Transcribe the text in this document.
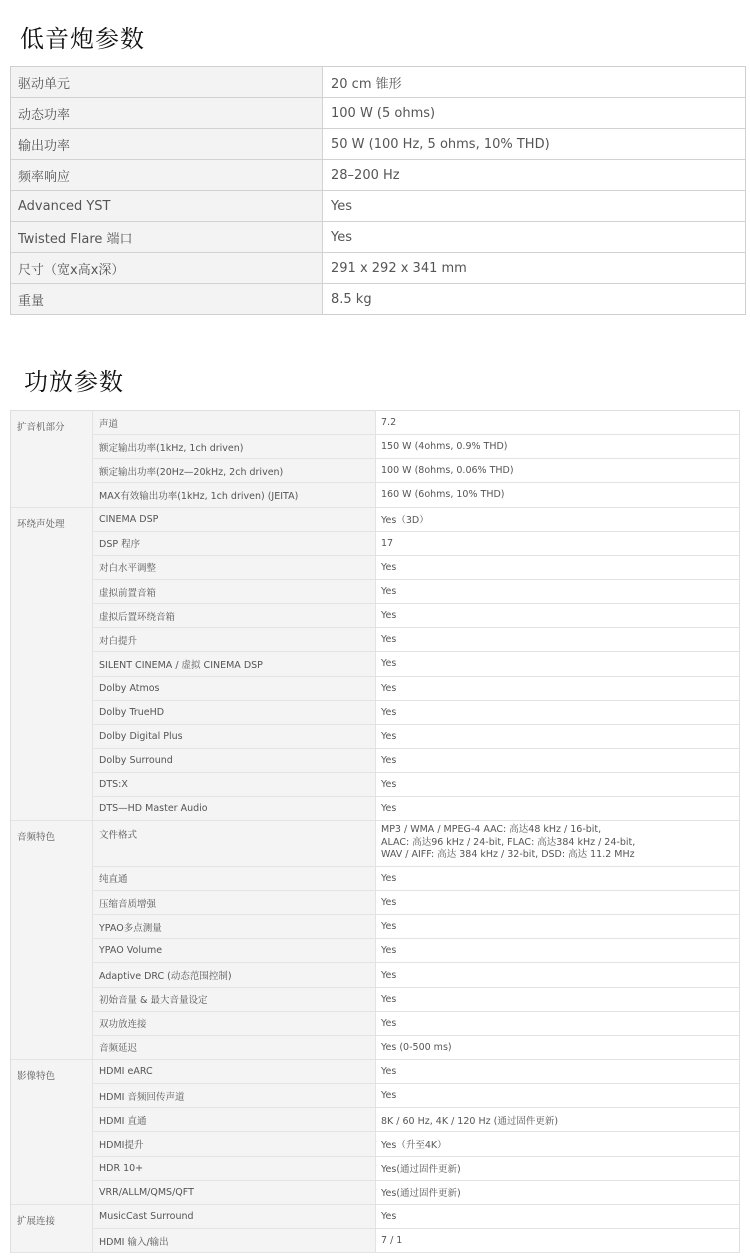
低音炮参数
驱动单元	20 cm 锥形
动态功率	100 W (5 ohms)
输出功率	50 W (100 Hz, 5 ohms, 10% THD)
频率响应	28–200 Hz
Advanced YST	Yes
Twisted Flare 端口	Yes
尺寸（宽x高x深）	291 x 292 x 341 mm
重量	8.5 kg
功放参数
扩音机部分	声道	7.2
	额定输出功率(1kHz, 1ch driven)	150 W (4ohms, 0.9% THD)
	额定输出功率(20Hz—20kHz, 2ch driven)	100 W (8ohms, 0.06% THD)
	MAX有效输出功率(1kHz, 1ch driven) (JEITA)	160 W (6ohms, 10% THD)
环绕声处理	CINEMA DSP	Yes（3D）
	DSP 程序	17
	对白水平调整	Yes
	虚拟前置音箱	Yes
	虚拟后置环绕音箱	Yes
	对白提升	Yes
	SILENT CINEMA / 虚拟 CINEMA DSP	Yes
	Dolby Atmos	Yes
	Dolby TrueHD	Yes
	Dolby Digital Plus	Yes
	Dolby Surround	Yes
	DTS:X	Yes
	DTS—HD Master Audio	Yes
音频特色	文件格式	MP3 / WMA / MPEG-4 AAC: 高达48 kHz / 16-bit,
ALAC: 高达96 kHz / 24-bit, FLAC: 高达384 kHz / 24-bit,
WAV / AIFF: 高达 384 kHz / 32-bit, DSD: 高达 11.2 MHz

	纯直通	Yes
	压缩音质增强	Yes
	YPAO多点测量	Yes
	YPAO Volume	Yes
	Adaptive DRC (动态范围控制)	Yes
	初始音量 & 最大音量设定	Yes
	双功放连接	Yes
	音频延迟	Yes (0-500 ms)
影像特色	HDMI eARC	Yes
	HDMI 音频回传声道	Yes
	HDMI 直通	8K / 60 Hz, 4K / 120 Hz (通过固件更新)
	HDMI提升	Yes（升至4K）
	HDR 10+	Yes(通过固件更新)
	VRR/ALLM/QMS/QFT	Yes(通过固件更新)
扩展连接	MusicCast Surround	Yes
	HDMI 输入/输出	7 / 1
